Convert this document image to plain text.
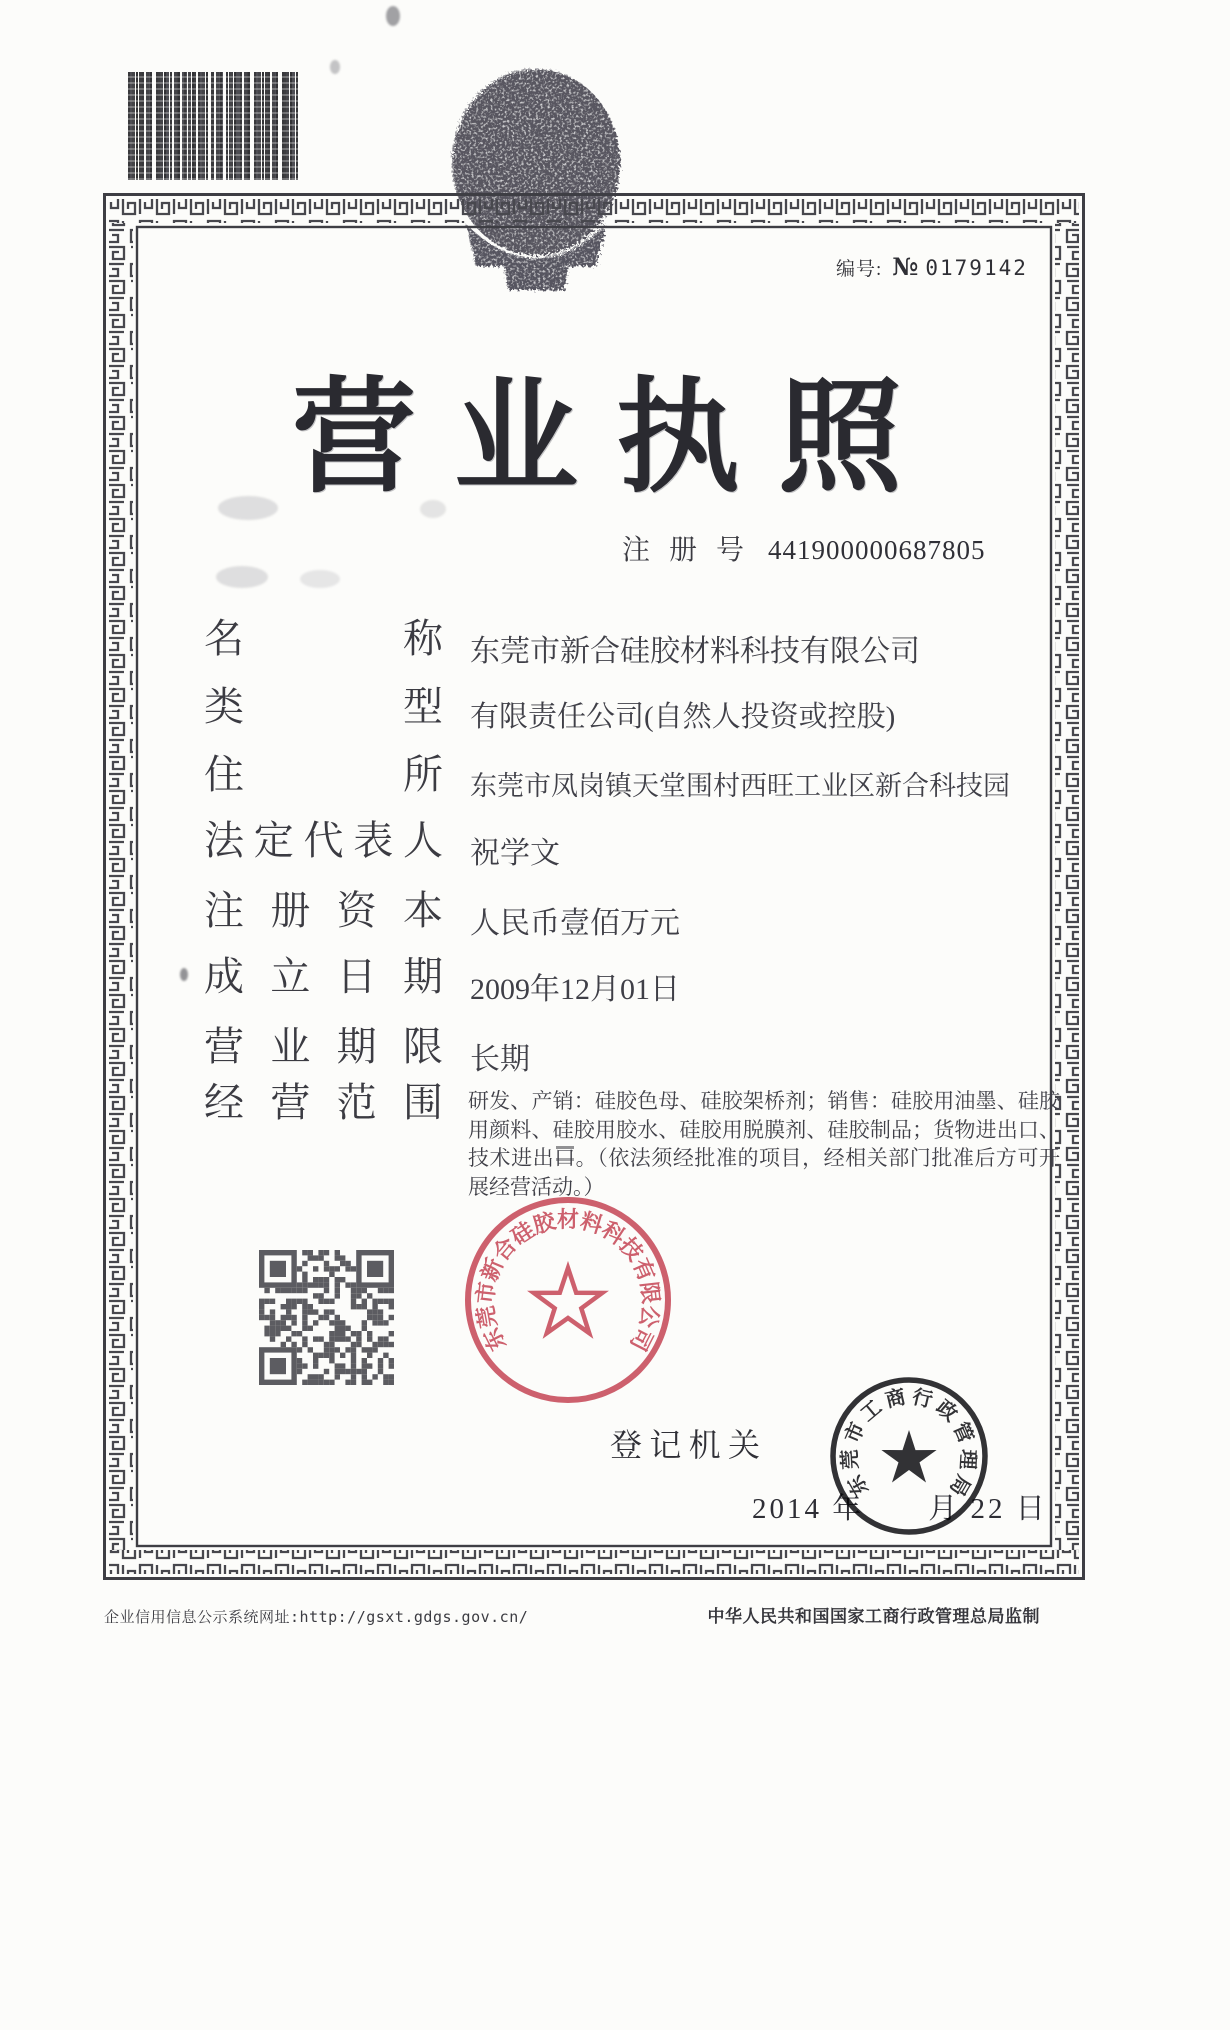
编号: № 0179142
营业执照
注册号 441900000687805
名称 东莞市新合硅胶材料科技有限公司
类型 有限责任公司(自然人投资或控股)
住所 东莞市凤岗镇天堂围村西旺工业区新合科技园
法定代表人 祝学文
注册资本 人民币壹佰万元
成立日期 2009年12月01日
营业期限 长期
经营范围 研发、产销：硅胶色母、硅胶架桥剂；销售：硅胶用油墨、硅胶用颜料、硅胶用胶水、硅胶用脱膜剂、硅胶制品；货物进出口、技术进出口。（依法须经批准的项目，经相关部门批准后方可开展经营活动。）
东
莞
市
新
合
硅
胶
材
料
科
技
有
限
公
司
登记机关
2014 年　　月 22 日
东
莞
市
工
商 行
政
管
理
局
企业信用信息公示系统网址:http://gsxt.gdgs.gov.cn/	中华人民共和国国家工商行政管理总局监制
